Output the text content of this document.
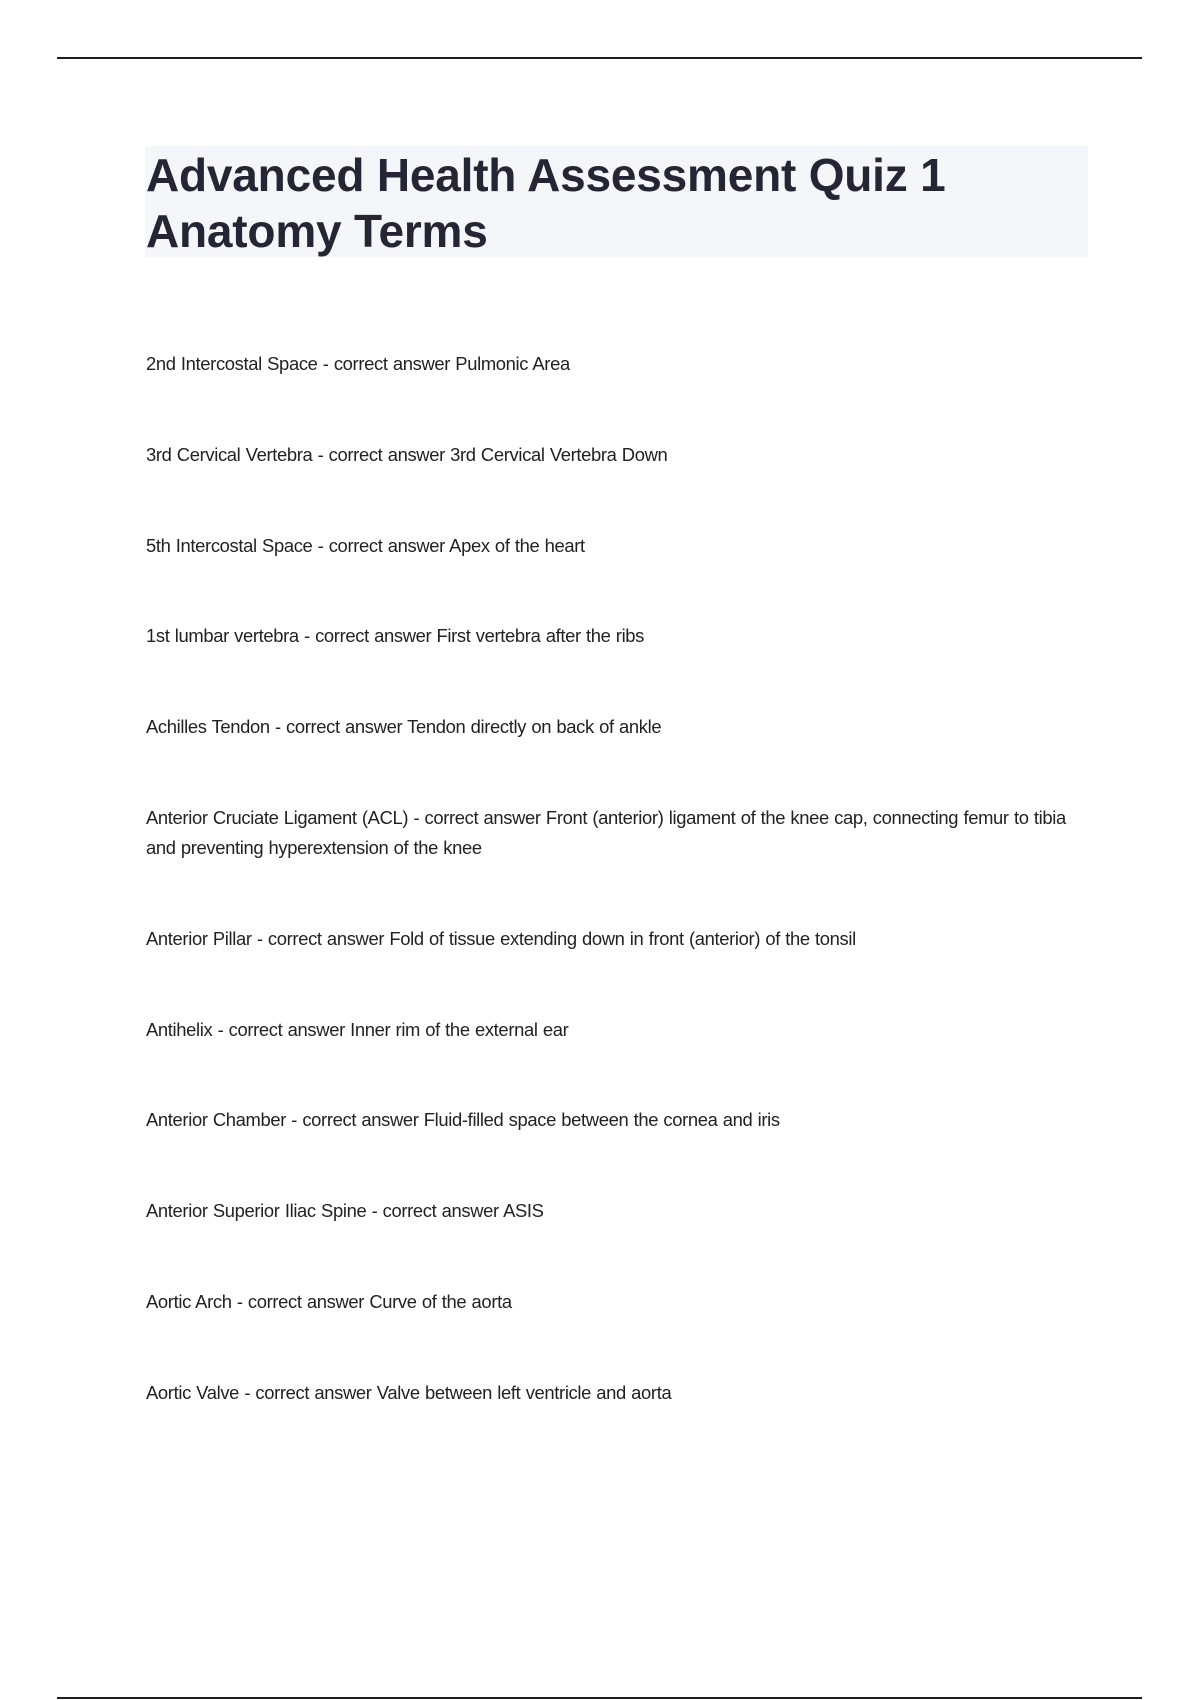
Advanced Health Assessment Quiz 1
Anatomy Terms
2nd Intercostal Space - correct answer Pulmonic Area
3rd Cervical Vertebra - correct answer 3rd Cervical Vertebra Down
5th Intercostal Space - correct answer Apex of the heart
1st lumbar vertebra - correct answer First vertebra after the ribs
Achilles Tendon - correct answer Tendon directly on back of ankle
Anterior Cruciate Ligament (ACL) - correct answer Front (anterior) ligament of the knee cap, connecting femur to tibia and preventing hyperextension of the knee
Anterior Pillar - correct answer Fold of tissue extending down in front (anterior) of the tonsil
Antihelix - correct answer Inner rim of the external ear
Anterior Chamber - correct answer Fluid-filled space between the cornea and iris
Anterior Superior Iliac Spine - correct answer ASIS
Aortic Arch - correct answer Curve of the aorta
Aortic Valve - correct answer Valve between left ventricle and aorta
